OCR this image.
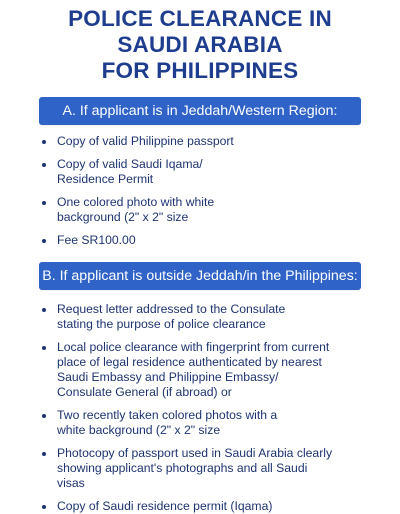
POLICE CLEARANCE IN
SAUDI ARABIA
FOR PHILIPPINES
A. If applicant is in Jeddah/Western Region:
Copy of valid Philippine passport
Copy of valid Saudi Iqama/
Residence Permit
One colored photo with white
background (2" x 2" size
Fee SR100.00
B. If applicant is outside Jeddah/in the Philippines:
Request letter addressed to the Consulate
stating the purpose of police clearance
Local police clearance with fingerprint from current
place of legal residence authenticated by nearest
Saudi Embassy and Philippine Embassy/
Consulate General (if abroad) or
Two recently taken colored photos with a
white background (2" x 2" size
Photocopy of passport used in Saudi Arabia clearly
showing applicant's photographs and all Saudi
visas
Copy of Saudi residence permit (Iqama)
